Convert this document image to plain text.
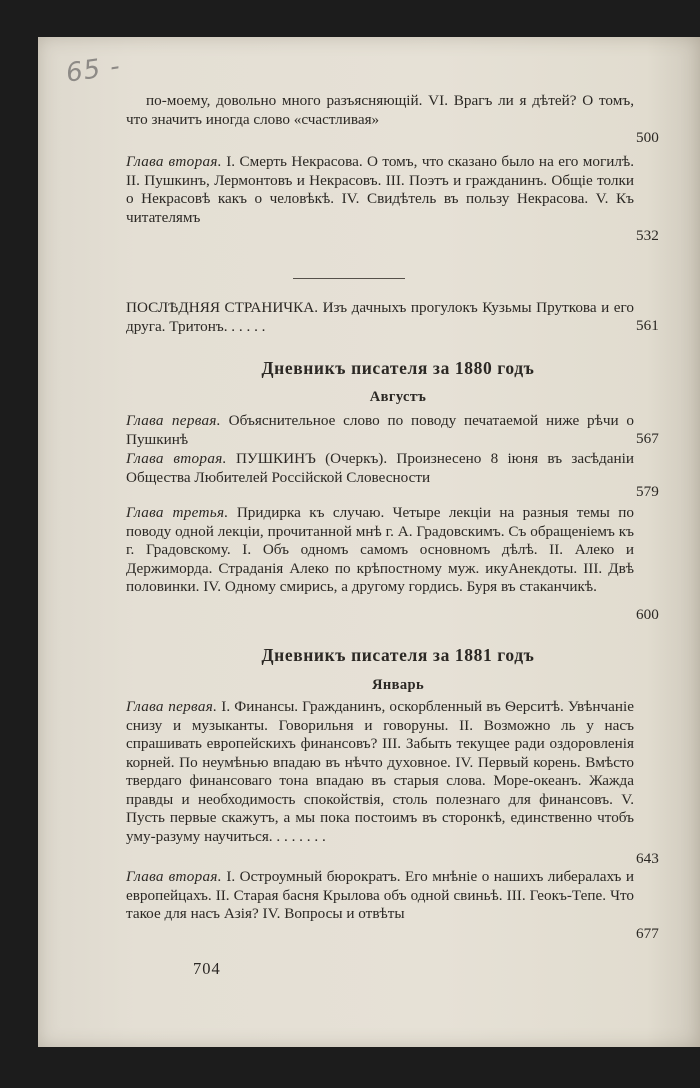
65 -
по-моему, довольно много разъясняющій. VI. Врагъ ли я дѣтей? О томъ, что значитъ иногда слово «счастливая»
500
Глава вторая. I. Смерть Некрасова. О томъ, что сказано было на его могилѣ. II. Пушкинъ, Лермонтовъ и Некрасовъ. III. Поэтъ и гражданинъ. Общіе толки о Некрасовѣ какъ о человѣкѣ. IV. Свидѣтель въ пользу Некрасова. V. Къ читателямъ
532
ПОСЛѢДНЯЯ СТРАНИЧКА. Изъ дачныхъ прогулокъ Кузьмы Пруткова и его друга. Тритонъ. . . . . .	561
Дневникъ писателя за 1880 годъ
Августъ
Глава первая. Объяснительное слово по поводу печатаемой ниже рѣчи о Пушкинѣ	567
Глава вторая. ПУШКИНЪ (Очеркъ). Произнесено 8 іюня въ засѣданіи Общества Любителей Россійской Словесности
579
Глава третья. Придирка къ случаю. Четыре лекціи на разныя темы по поводу одной лекціи, прочитанной мнѣ г. А. Градовскимъ. Съ обращеніемъ къ г. Градовскому. I. Объ одномъ самомъ основномъ дѣлѣ. II. Алеко и Держиморда. Страданія Алеко по крѣпостному муж. икуАнекдоты. III. Двѣ половинки. IV. Одному смирись, а другому гордись. Буря въ стаканчикѣ.
600
Дневникъ писателя за 1881 годъ
Январь
Глава первая. I. Финансы. Гражданинъ, оскорбленный въ Ѳерситѣ. Увѣнчаніе снизу и музыканты. Говорильня и говоруны. II. Возможно ль у насъ спрашивать европейскихъ финансовъ? III. Забыть текущее ради оздоровленія корней. По неумѣнью впадаю въ нѣчто духовное. IV. Первый корень. Вмѣсто твердаго финансоваго тона впадаю въ старыя слова. Море-океанъ. Жажда правды и необходимость спокойствія, столь полезнаго для финансовъ. V. Пусть первые скажутъ, а мы пока постоимъ въ сторонкѣ, единственно чтобъ уму-разуму научиться. . . . . . . .
643
Глава вторая. I. Остроумный бюрократъ. Его мнѣніе о нашихъ либералахъ и европейцахъ. II. Старая басня Крылова объ одной свиньѣ. III. Геокъ-Тепе. Что такое для насъ Азія? IV. Вопросы и отвѣты
677
704
